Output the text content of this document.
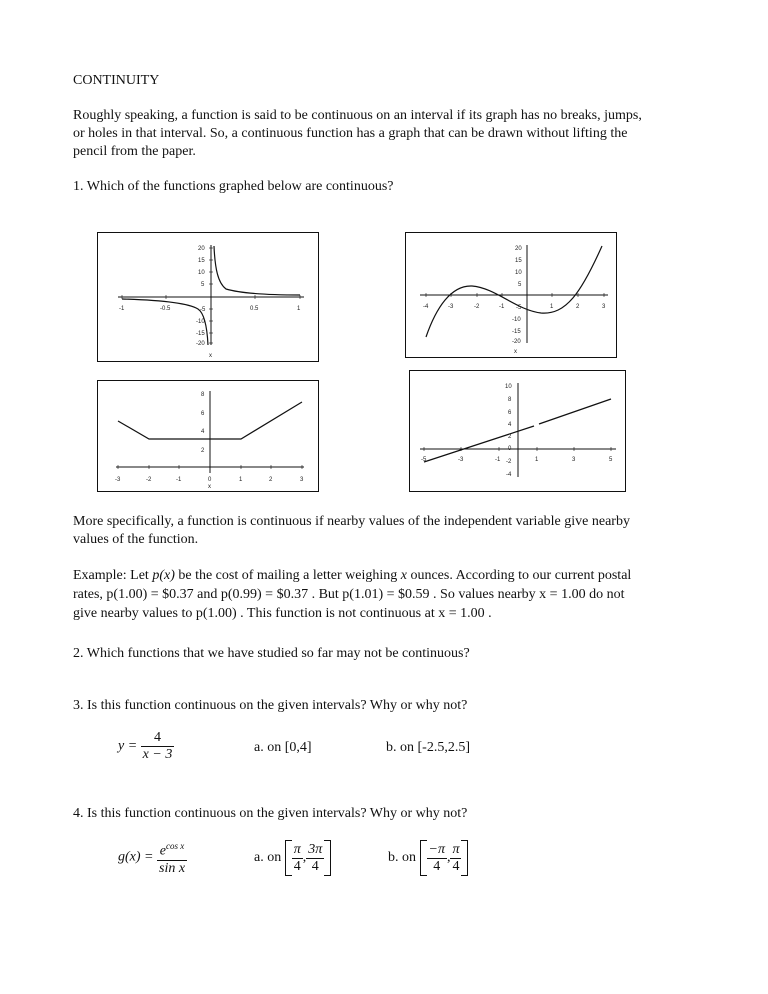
CONTINUITY
Roughly speaking, a function is said to be continuous on an interval if its graph has no breaks, jumps,
or holes in that interval. So, a continuous function has a graph that can be drawn without lifting the
pencil from the paper.
1. Which of the functions graphed below are continuous?
-1	-0.5	0.5	1
20
15
10
5
-5
-10
-15
-20
x
-4	-3	-2	-1	1	2	3
20
15
10
5
-5
-10
-15
-20
x
-3	-2	-1	0	1	2	3
8
6
4
2
x
-5	-3	-1	1	3	5
10
8
6
4
2
0
-2
-4
More specifically, a function is continuous if nearby values of the independent variable give nearby
values of the function.
Example: Let p(x) be the cost of mailing a letter weighing x ounces. According to our current postal
rates, p(1.00) = $0.37 and p(0.99) = $0.37 . But p(1.01) = $0.59 . So values nearby x = 1.00 do not
give nearby values to p(1.00) . This function is not continuous at x = 1.00 .
2. Which functions that we have studied so far may not be continuous?
3. Is this function continuous on the given intervals? Why or why not?
$y = \frac{4}{x - 3}$	a. on [0,4]	b. on [-2.5,2.5]
4. Is this function continuous on the given intervals? Why or why not?
$g(x) = \frac{e^{cos x}}{\text{sin x}}$	a. on $\frac{\pi}{4}$ , $\frac{3\pi}{4}$	b. on $\frac{-\pi}{4}$ , $\frac{\pi}{4}$
